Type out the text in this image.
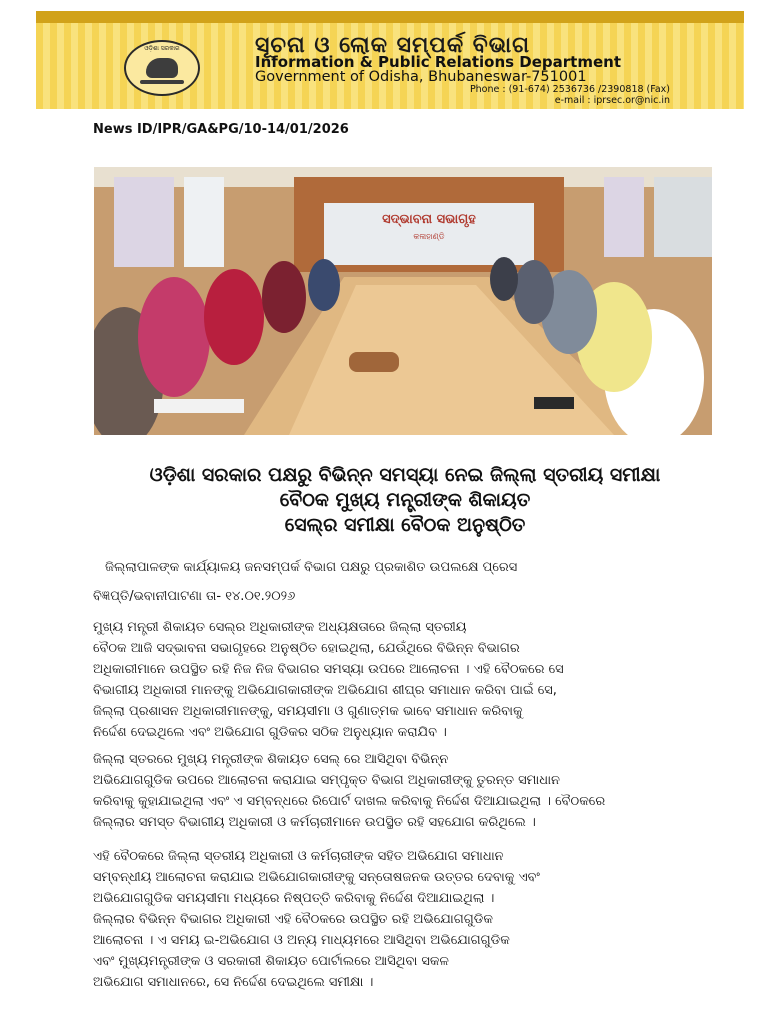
ଓଡ଼ିଶା ସରକାର	ସୂଚନା ଓ ଲୋକ ସମ୍ପର୍କ ବିଭାଗ
Information & Public Relations Department
Government of Odisha, Bhubaneswar-751001
Phone : (91-674) 2536736 /2390818 (Fax)
e-mail : iprsec.or@nic.in
News ID/IPR/GA&PG/10-14/01/2026
ସଦ୍‌ଭାବନା ସଭାଗୃହ
କଳାହାଣ୍ଡି
ଓଡ଼ିଶା ସରକାର ପକ୍ଷରୁ ବିଭିନ୍ନ ସମସ୍ୟା ନେଇ ଜିଲ୍ଲା ସ୍ତରୀୟ ସମୀକ୍ଷା
ବୈଠକ ମୁଖ୍ୟ ମନ୍ତ୍ରୀଙ୍କ ଶିକାୟତ
ସେଲ୍‌ର ସମୀକ୍ଷା ବୈଠକ ଅନୁଷ୍ଠିତ
ଜିଲ୍ଲାପାଳଙ୍କ କାର୍ଯ୍ୟାଳୟ ଜନସମ୍ପର୍କ ବିଭାଗ ପକ୍ଷରୁ ପ୍ରକାଶିତ ଉପଲକ୍ଷେ ପ୍ରେସ
ବିଜ୍ଞପ୍ତି/ଭବାନୀପାଟଣା ତା- ୧୪.୦୧.୨୦୨୬
ମୁଖ୍ୟ ମନ୍ତ୍ରୀ ଶିକାୟତ ସେଲ୍‌ର ଅଧିକାରୀଙ୍କ ଅଧ୍ୟକ୍ଷତାରେ ଜିଲ୍ଲା ସ୍ତରୀୟ
ବୈଠକ ଆଜି ସଦ୍‌ଭାବନା ସଭାଗୃହରେ ଅନୁଷ୍ଠିତ ହୋଇଥିଲା, ଯେଉଁଥିରେ ବିଭିନ୍ନ ବିଭାଗର
ଅଧିକାରୀମାନେ ଉପସ୍ଥିତ ରହି ନିଜ ନିଜ ବିଭାଗର ସମସ୍ୟା ଉପରେ ଆଲୋଚନା । ଏହି ବୈଠକରେ ସେ
ବିଭାଗୀୟ ଅଧିକାରୀ ମାନଙ୍କୁ ଅଭିଯୋଗକାରୀଙ୍କ ଅଭିଯୋଗ ଶୀଘ୍ର ସମାଧାନ କରିବା ପାଇଁ ସେ,
ଜିଲ୍ଲା ପ୍ରଶାସନ ଅଧିକାରୀମାନଙ୍କୁ, ସମୟସୀମା ଓ ଗୁଣାତ୍ମକ ଭାବେ ସମାଧାନ କରିବାକୁ
ନିର୍ଦ୍ଦେଶ ଦେଇଥିଲେ ଏବଂ ଅଭିଯୋଗ ଗୁଡିକର ସଠିକ ଅନୁଧ୍ୟାନ କରାଯିବ ।
ଜିଲ୍ଲା ସ୍ତରରେ ମୁଖ୍ୟ ମନ୍ତ୍ରୀଙ୍କ ଶିକାୟତ ସେଲ୍ ରେ ଆସିଥିବା ବିଭିନ୍ନ
ଅଭିଯୋଗଗୁଡିକ ଉପରେ ଆଲୋଚନା କରାଯାଇ ସମ୍ପୃକ୍ତ ବିଭାଗ ଅଧିକାରୀଙ୍କୁ ତୁରନ୍ତ ସମାଧାନ
କରିବାକୁ କୁହାଯାଇଥିଲା ଏବଂ ଏ ସମ୍ବନ୍ଧରେ ରିପୋର୍ଟ ଦାଖଲ କରିବାକୁ ନିର୍ଦ୍ଦେଶ ଦିଆଯାଇଥିଲା । ବୈଠକରେ
ଜିଲ୍ଲାର ସମସ୍ତ ବିଭାଗୀୟ ଅଧିକାରୀ ଓ କର୍ମଚାରୀମାନେ ଉପସ୍ଥିତ ରହି ସହଯୋଗ କରିଥିଲେ ।
ଏହି ବୈଠକରେ ଜିଲ୍ଲା ସ୍ତରୀୟ ଅଧିକାରୀ ଓ କର୍ମଚାରୀଙ୍କ ସହିତ ଅଭିଯୋଗ ସମାଧାନ
ସମ୍ବନ୍ଧୀୟ ଆଲୋଚନା କରାଯାଇ ଅଭିଯୋଗକାରୀଙ୍କୁ ସନ୍ତୋଷଜନକ ଉତ୍ତର ଦେବାକୁ ଏବଂ
ଅଭିଯୋଗଗୁଡିକ ସମୟସୀମା ମଧ୍ୟରେ ନିଷ୍ପତ୍ତି କରିବାକୁ ନିର୍ଦ୍ଦେଶ ଦିଆଯାଇଥିଲା ।
ଜିଲ୍ଲାର ବିଭିନ୍ନ ବିଭାଗର ଅଧିକାରୀ ଏହି ବୈଠକରେ ଉପସ୍ଥିତ ରହି ଅଭିଯୋଗଗୁଡିକ
ଆଲୋଚନା । ଏ ସମୟ ଇ-ଅଭିଯୋଗ ଓ ଅନ୍ୟ ମାଧ୍ୟମରେ ଆସିଥିବା ଅଭିଯୋଗଗୁଡିକ
ଏବଂ ମୁଖ୍ୟମନ୍ତ୍ରୀଙ୍କ ଓ ସରକାରୀ ଶିକାୟତ ପୋର୍ଟାଲରେ ଆସିଥିବା ସକଳ
ଅଭିଯୋଗ ସମାଧାନରେ, ସେ ନିର୍ଦ୍ଦେଶ ଦେଇଥିଲେ ସମୀକ୍ଷା ।
